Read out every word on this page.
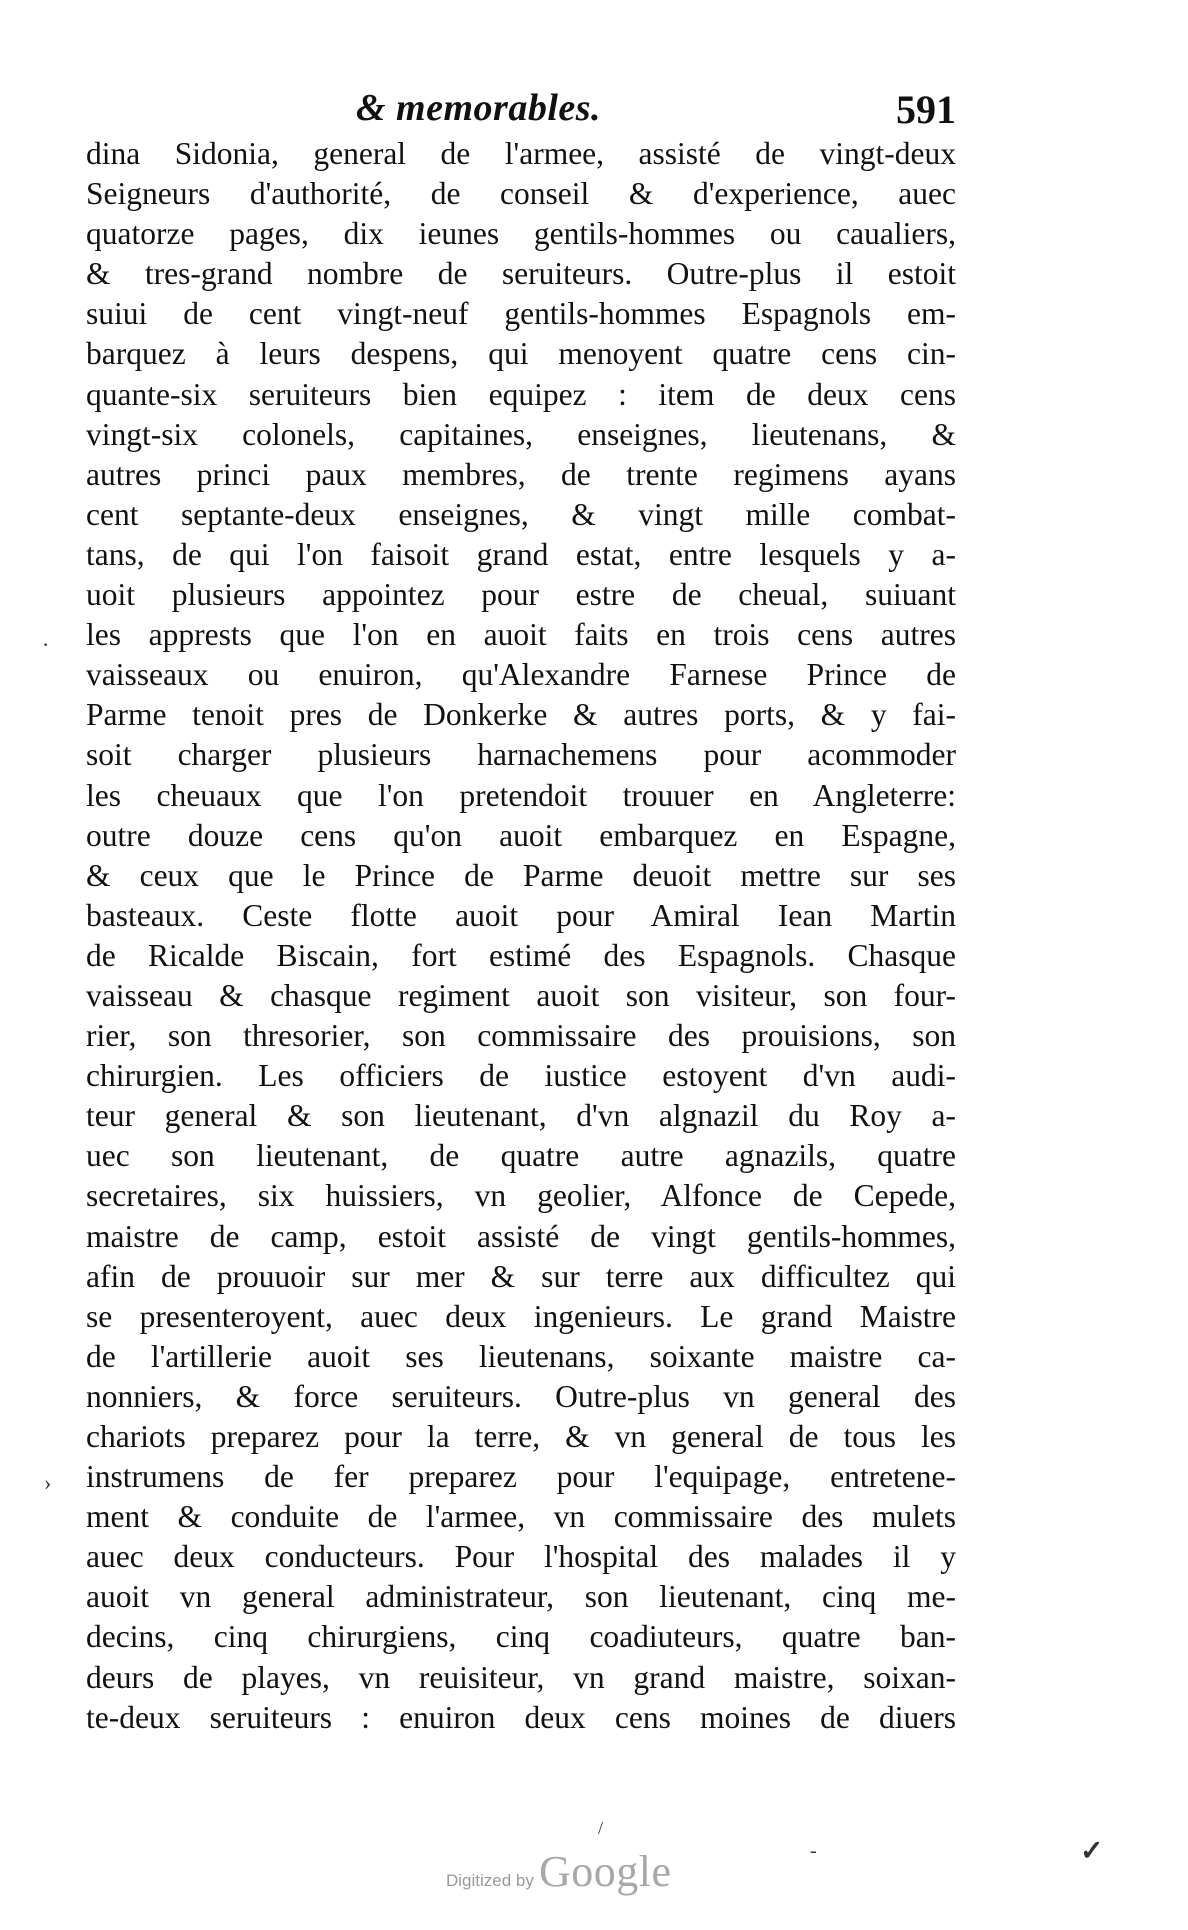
& memorables.	591
dina Sidonia, general de l'armee, assisté de vingt-deux
Seigneurs d'authorité, de conseil & d'experience, auec
quatorze pages, dix ieunes gentils-hommes ou caualiers,
& tres-grand nombre de seruiteurs. Outre-plus il estoit
suiui de cent vingt-neuf gentils-hommes Espagnols em-
barquez à leurs despens, qui menoyent quatre cens cin-
quante-six seruiteurs bien equipez : item de deux cens
vingt-six colonels, capitaines, enseignes, lieutenans, &
autres princi paux membres, de trente regimens ayans
cent septante-deux enseignes, & vingt mille combat-
tans, de qui l'on faisoit grand estat, entre lesquels y a-
uoit plusieurs appointez pour estre de cheual, suiuant
les apprests que l'on en auoit faits en trois cens autres
vaisseaux ou enuiron, qu'Alexandre Farnese Prince de
Parme tenoit pres de Donkerke & autres ports, & y fai-
soit charger plusieurs harnachemens pour acommoder
les cheuaux que l'on pretendoit trouuer en Angleterre:
outre douze cens qu'on auoit embarquez en Espagne,
& ceux que le Prince de Parme deuoit mettre sur ses
basteaux. Ceste flotte auoit pour Amiral Iean Martin
de Ricalde Biscain, fort estimé des Espagnols. Chasque
vaisseau & chasque regiment auoit son visiteur, son four-
rier, son thresorier, son commissaire des prouisions, son
chirurgien. Les officiers de iustice estoyent d'vn audi-
teur general & son lieutenant, d'vn algnazil du Roy a-
uec son lieutenant, de quatre autre agnazils, quatre
secretaires, six huissiers, vn geolier, Alfonce de Cepede,
maistre de camp, estoit assisté de vingt gentils-hommes,
afin de prouuoir sur mer & sur terre aux difficultez qui
se presenteroyent, auec deux ingenieurs. Le grand Maistre
de l'artillerie auoit ses lieutenans, soixante maistre ca-
nonniers, & force seruiteurs. Outre-plus vn general des
chariots preparez pour la terre, & vn general de tous les
instrumens de fer preparez pour l'equipage, entretene-
ment & conduite de l'armee, vn commissaire des mulets
auec deux conducteurs. Pour l'hospital des malades il y
auoit vn general administrateur, son lieutenant, cinq me-
decins, cinq chirurgiens, cinq coadiuteurs, quatre ban-
deurs de playes, vn reuisiteur, vn grand maistre, soixan-
te-deux seruiteurs : enuiron deux cens moines de diuers
·
›
/
-	✓
Digitized by Google
